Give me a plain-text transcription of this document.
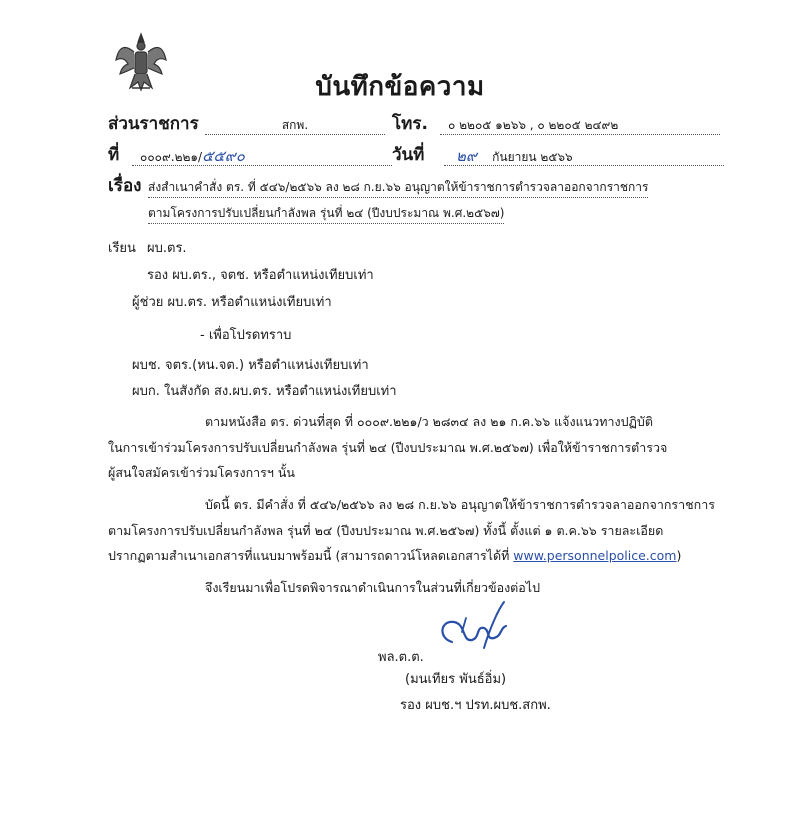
บันทึกข้อความ
ส่วนราชการ	สกพ.	โทร.	๐ ๒๒๐๕ ๑๒๖๖ , ๐ ๒๒๐๕ ๒๔๙๒
ที่	๐๐๐๙.๒๒๑/๕๕๙๐	วันที่	๒๙ กันยายน ๒๕๖๖
เรื่อง ส่งสำเนาคำสั่ง ตร. ที่ ๕๔๖/๒๕๖๖ ลง ๒๘ ก.ย.๖๖ อนุญาตให้ข้าราชการตำรวจลาออกจากราชการ
ตามโครงการปรับเปลี่ยนกำลังพล รุ่นที่ ๒๔ (ปีงบประมาณ พ.ศ.๒๕๖๗)
เรียน ผบ.ตร.
รอง ผบ.ตร., จตช. หรือตำแหน่งเทียบเท่า
ผู้ช่วย ผบ.ตร. หรือตำแหน่งเทียบเท่า
- เพื่อโปรดทราบ
ผบช. จตร.(หน.จต.) หรือตำแหน่งเทียบเท่า
ผบก. ในสังกัด สง.ผบ.ตร. หรือตำแหน่งเทียบเท่า
ตามหนังสือ ตร. ด่วนที่สุด ที่ ๐๐๐๙.๒๒๑/ว ๒๘๓๔ ลง ๒๑ ก.ค.๖๖ แจ้งแนวทางปฏิบัติ
ในการเข้าร่วมโครงการปรับเปลี่ยนกำลังพล รุ่นที่ ๒๔ (ปีงบประมาณ พ.ศ.๒๕๖๗) เพื่อให้ข้าราชการตำรวจ
ผู้สนใจสมัครเข้าร่วมโครงการฯ นั้น
บัดนี้ ตร. มีคำสั่ง ที่ ๕๔๖/๒๕๖๖ ลง ๒๘ ก.ย.๖๖ อนุญาตให้ข้าราชการตำรวจลาออกจากราชการ
ตามโครงการปรับเปลี่ยนกำลังพล รุ่นที่ ๒๔ (ปีงบประมาณ พ.ศ.๒๕๖๗) ทั้งนี้ ตั้งแต่ ๑ ต.ค.๖๖ รายละเอียด
ปรากฏตามสำเนาเอกสารที่แนบมาพร้อมนี้ (สามารถดาวน์โหลดเอกสารได้ที่ www.personnelpolice.com)
จึงเรียนมาเพื่อโปรดพิจารณาดำเนินการในส่วนที่เกี่ยวข้องต่อไป
พล.ต.ต.
(มนเทียร พันธ์อิ่ม)
รอง ผบช.ฯ ปรท.ผบช.สกพ.
